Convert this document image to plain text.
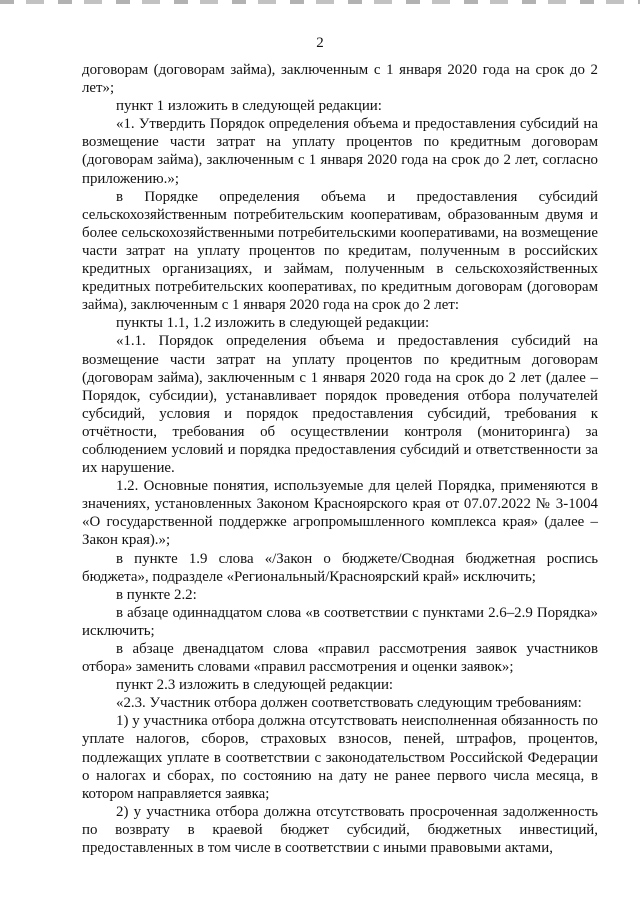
2

договорам (договорам займа), заключенным с 1 января 2020 года на срок до 2 лет»;

пункт 1 изложить в следующей редакции:

«1. Утвердить Порядок определения объема и предоставления субсидий на возмещение части затрат на уплату процентов по кредитным договорам (договорам займа), заключенным с 1 января 2020 года на срок до 2 лет, согласно приложению.»;

в Порядке определения объема и предоставления субсидий сельскохозяйственным потребительским кооперативам, образованным двумя и более сельскохозяйственными потребительскими кооперативами, на возмещение части затрат на уплату процентов по кредитам, полученным в российских кредитных организациях, и займам, полученным в сельскохозяйственных кредитных потребительских кооперативах, по кредитным договорам (договорам займа), заключенным с 1 января 2020 года на срок до 2 лет:

пункты 1.1, 1.2 изложить в следующей редакции:

«1.1. Порядок определения объема и предоставления субсидий на возмещение части затрат на уплату процентов по кредитным договорам (договорам займа), заключенным с 1 января 2020 года на срок до 2 лет (далее – Порядок, субсидии), устанавливает порядок проведения отбора получателей субсидий, условия и порядок предоставления субсидий, требования к отчётности, требования об осуществлении контроля (мониторинга) за соблюдением условий и порядка предоставления субсидий и ответственности за их нарушение.

1.2. Основные понятия, используемые для целей Порядка, применяются в значениях, установленных Законом Красноярского края от 07.07.2022 № 3-1004 «О государственной поддержке агропромышленного комплекса края» (далее – Закон края).»;

в пункте 1.9 слова «/Закон о бюджете/Сводная бюджетная роспись бюджета», подразделе «Региональный/Красноярский край» исключить;

в пункте 2.2:

в абзаце одиннадцатом слова «в соответствии с пунктами 2.6–2.9 Порядка» исключить;

в абзаце двенадцатом слова «правил рассмотрения заявок участников отбора» заменить словами «правил рассмотрения и оценки заявок»;

пункт 2.3 изложить в следующей редакции:

«2.3. Участник отбора должен соответствовать следующим требованиям:

1) у участника отбора должна отсутствовать неисполненная обязанность по уплате налогов, сборов, страховых взносов, пеней, штрафов, процентов, подлежащих уплате в соответствии с законодательством Российской Федерации о налогах и сборах, по состоянию на дату не ранее первого числа месяца, в котором направляется заявка;

2) у участника отбора должна отсутствовать просроченная задолженность по возврату в краевой бюджет субсидий, бюджетных инвестиций, предоставленных в том числе в соответствии с иными правовыми актами,
